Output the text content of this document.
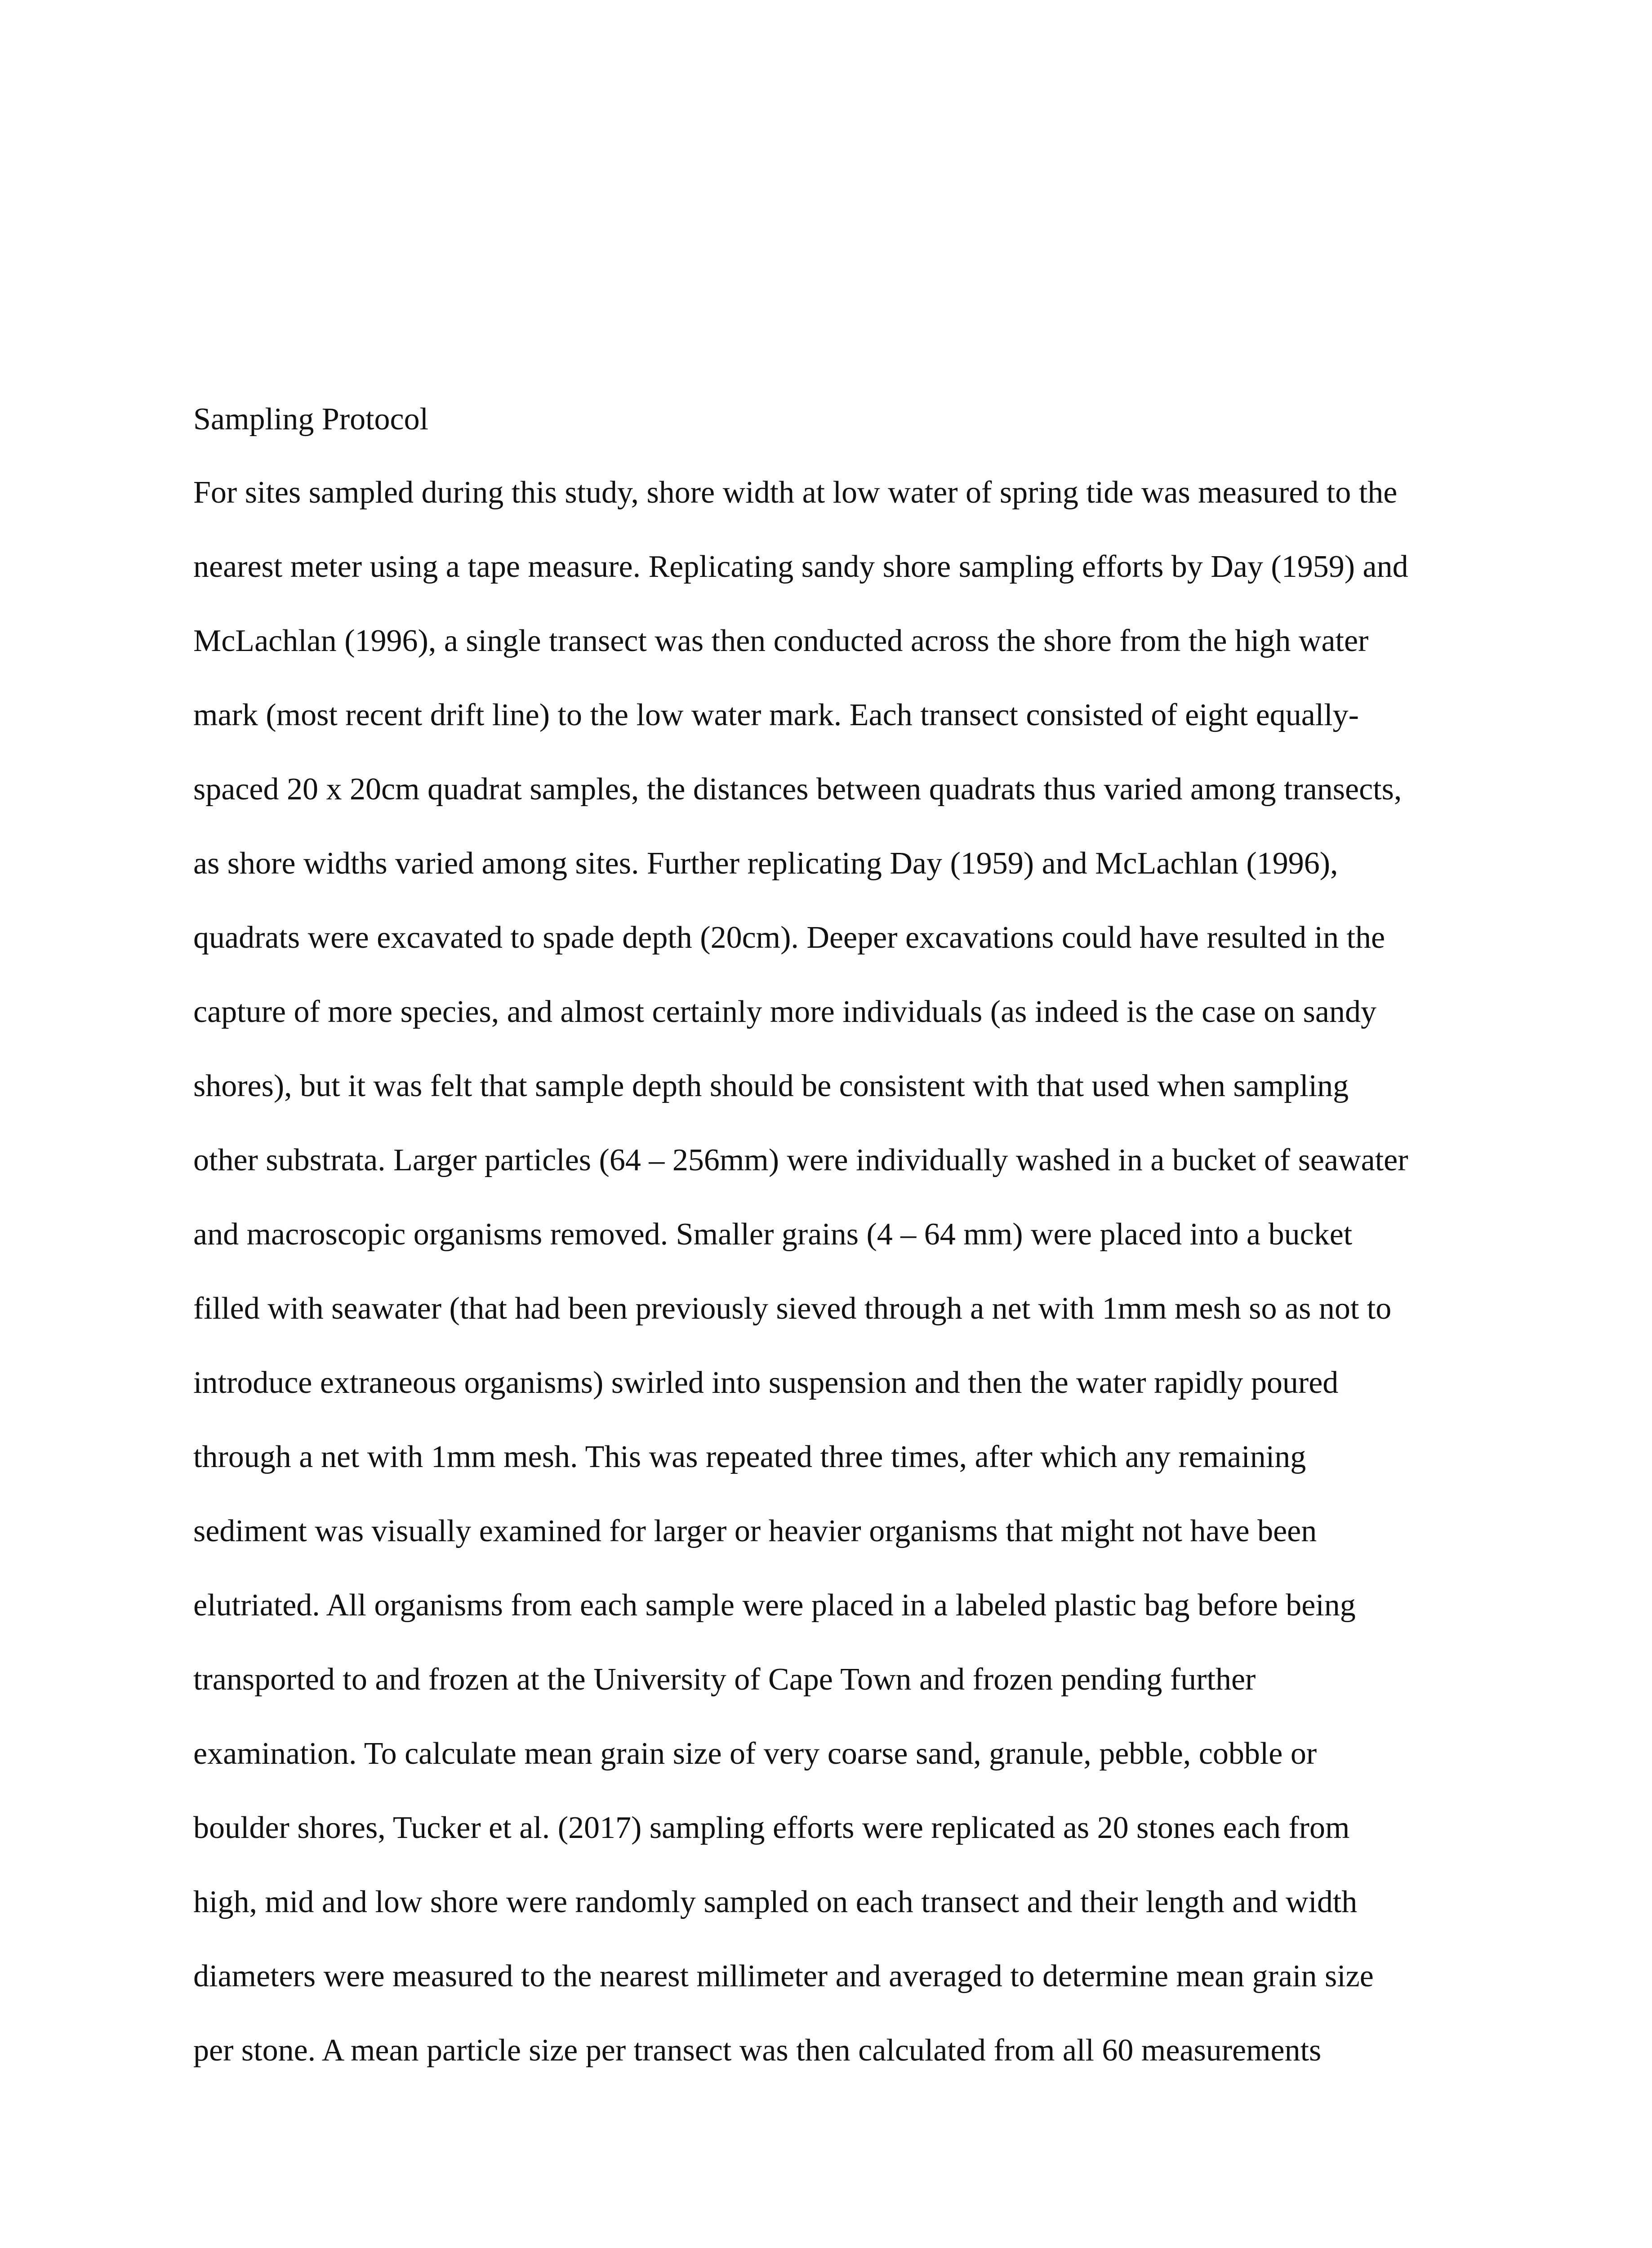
Sampling Protocol
For sites sampled during this study, shore width at low water of spring tide was measured to the
nearest meter using a tape measure. Replicating sandy shore sampling efforts by Day (1959) and
McLachlan (1996), a single transect was then conducted across the shore from the high water
mark (most recent drift line) to the low water mark. Each transect consisted of eight equally-
spaced 20 x 20cm quadrat samples, the distances between quadrats thus varied among transects,
as shore widths varied among sites. Further replicating Day (1959) and McLachlan (1996),
quadrats were excavated to spade depth (20cm). Deeper excavations could have resulted in the
capture of more species, and almost certainly more individuals (as indeed is the case on sandy
shores), but it was felt that sample depth should be consistent with that used when sampling
other substrata. Larger particles (64 – 256mm) were individually washed in a bucket of seawater
and macroscopic organisms removed. Smaller grains (4 – 64 mm) were placed into a bucket
filled with seawater (that had been previously sieved through a net with 1mm mesh so as not to
introduce extraneous organisms) swirled into suspension and then the water rapidly poured
through a net with 1mm mesh. This was repeated three times, after which any remaining
sediment was visually examined for larger or heavier organisms that might not have been
elutriated. All organisms from each sample were placed in a labeled plastic bag before being
transported to and frozen at the University of Cape Town and frozen pending further
examination. To calculate mean grain size of very coarse sand, granule, pebble, cobble or
boulder shores, Tucker et al. (2017) sampling efforts were replicated as 20 stones each from
high, mid and low shore were randomly sampled on each transect and their length and width
diameters were measured to the nearest millimeter and averaged to determine mean grain size
per stone. A mean particle size per transect was then calculated from all 60 measurements
